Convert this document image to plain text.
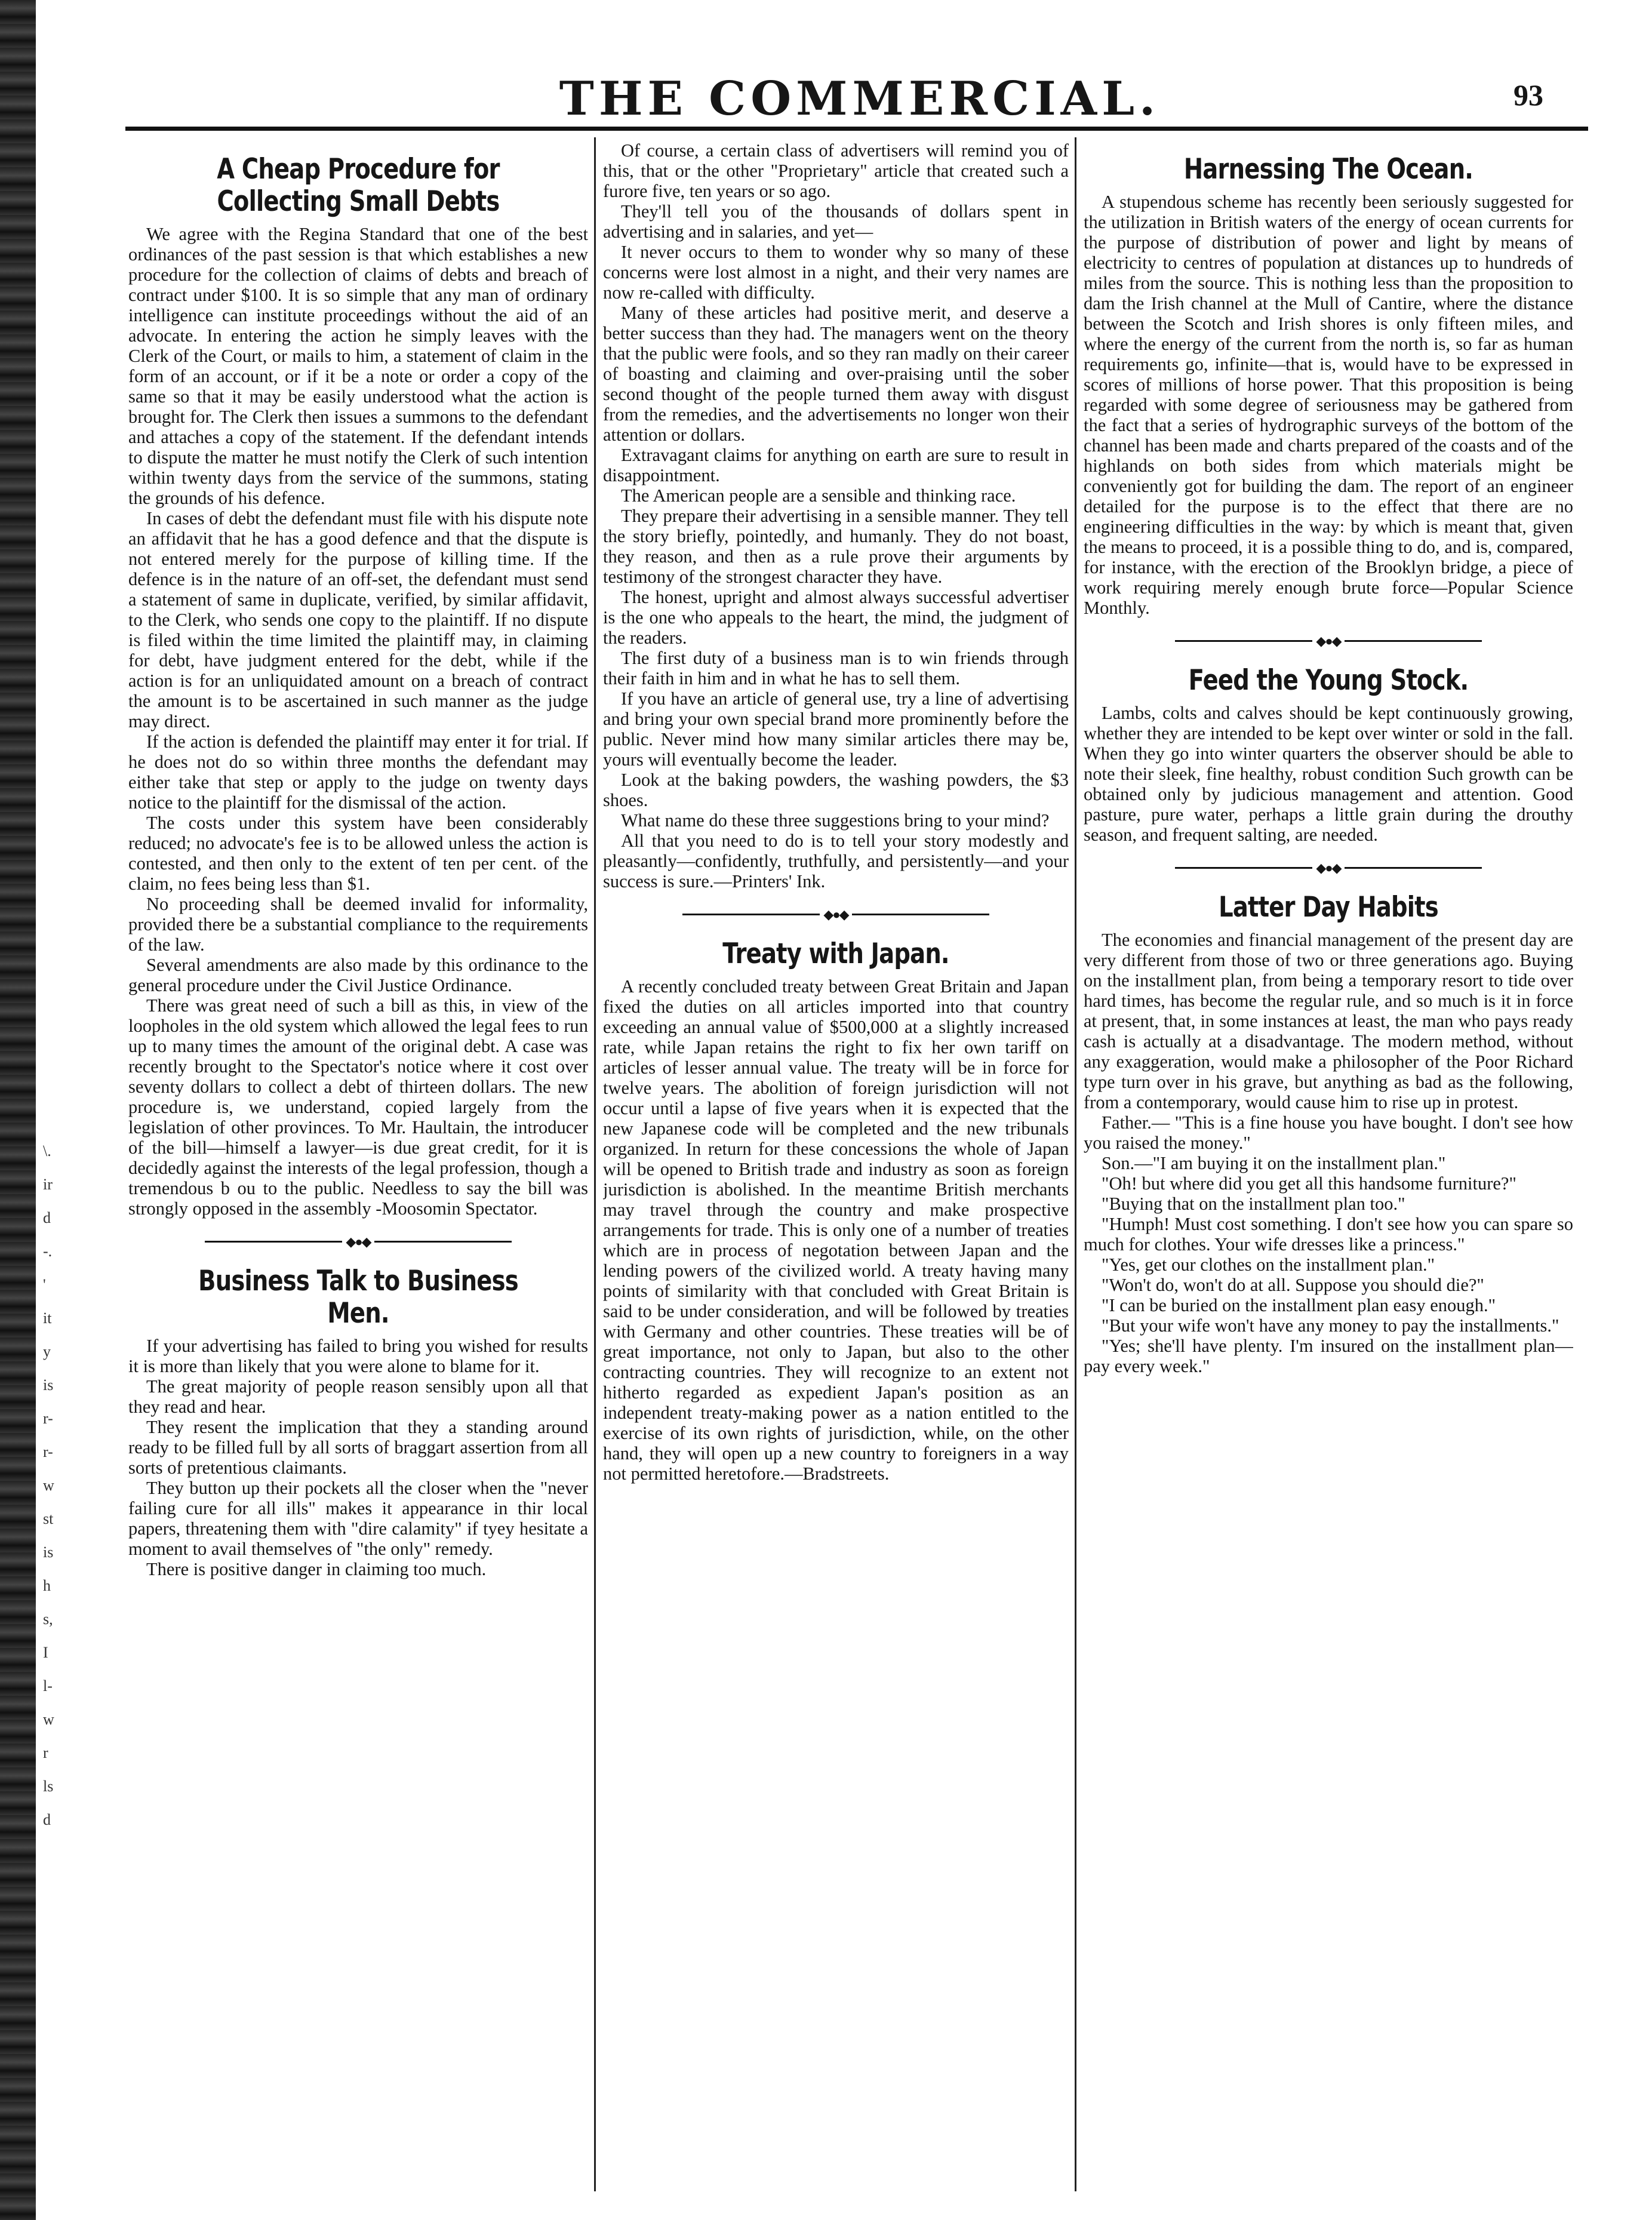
\.
ir
d
-.
'
it
y
is
r-
r-
w
st
is
h
s,
I
l-
w
r
ls
d
THE COMMERCIAL.	93
A Cheap Procedure for Collecting Small Debts

We agree with the Regina Standard that one of the best ordinances of the past session is that which establishes a new procedure for the collection of claims of debts and breach of contract under $100. It is so simple that any man of ordinary intelligence can institute proceedings without the aid of an advocate. In entering the action he simply leaves with the Clerk of the Court, or mails to him, a statement of claim in the form of an account, or if it be a note or order a copy of the same so that it may be easily understood what the action is brought for. The Clerk then issues a summons to the defendant and attaches a copy of the statement. If the defendant intends to dispute the matter he must notify the Clerk of such intention within twenty days from the service of the summons, stating the grounds of his defence.

In cases of debt the defendant must file with his dispute note an affidavit that he has a good defence and that the dispute is not entered merely for the purpose of killing time. If the defence is in the nature of an off-set, the defendant must send a statement of same in duplicate, verified, by similar affidavit, to the Clerk, who sends one copy to the plaintiff. If no dispute is filed within the time limited the plaintiff may, in claiming for debt, have judgment entered for the debt, while if the action is for an unliquidated amount on a breach of contract the amount is to be ascertained in such manner as the judge may direct.

If the action is defended the plaintiff may enter it for trial. If he does not do so within three months the defendant may either take that step or apply to the judge on twenty days notice to the plaintiff for the dismissal of the action.

The costs under this system have been considerably reduced; no advocate's fee is to be allowed unless the action is contested, and then only to the extent of ten per cent. of the claim, no fees being less than $1.

No proceeding shall be deemed invalid for informality, provided there be a substantial compliance to the requirements of the law.

Several amendments are also made by this ordinance to the general procedure under the Civil Justice Ordinance.

There was great need of such a bill as this, in view of the loopholes in the old system which allowed the legal fees to run up to many times the amount of the original debt. A case was recently brought to the Spectator's notice where it cost over seventy dollars to collect a debt of thirteen dollars. The new procedure is, we understand, copied largely from the legislation of other provinces. To Mr. Haultain, the introducer of the bill—himself a lawyer—is due great credit, for it is decidedly against the interests of the legal profession, though a tremendous b ou to the public. Needless to say the bill was strongly opposed in the assembly -Moosomin Spectator.

◆●◆
Business Talk to Business Men.

If your advertising has failed to bring you wished for results it is more than likely that you were alone to blame for it.

The great majority of people reason sensibly upon all that they read and hear.

They resent the implication that they a standing around ready to be filled full by all sorts of braggart assertion from all sorts of pretentious claimants.

They button up their pockets all the closer when the "never failing cure for all ills" makes it appearance in thir local papers, threatening them with "dire calamity" if tyey hesitate a moment to avail themselves of "the only" remedy.

There is positive danger in claiming too much.

Of course, a certain class of advertisers will remind you of this, that or the other "Proprietary" article that created such a furore five, ten years or so ago.

They'll tell you of the thousands of dollars spent in advertising and in salaries, and yet—

It never occurs to them to wonder why so many of these concerns were lost almost in a night, and their very names are now re-called with difficulty.

Many of these articles had positive merit, and deserve a better success than they had. The managers went on the theory that the public were fools, and so they ran madly on their career of boasting and claiming and over-praising until the sober second thought of the people turned them away with disgust from the remedies, and the advertisements no longer won their attention or dollars.

Extravagant claims for anything on earth are sure to result in disappointment.

The American people are a sensible and thinking race.

They prepare their advertising in a sensible manner. They tell the story briefly, pointedly, and humanly. They do not boast, they reason, and then as a rule prove their arguments by testimony of the strongest character they have.

The honest, upright and almost always successful advertiser is the one who appeals to the heart, the mind, the judgment of the readers.

The first duty of a business man is to win friends through their faith in him and in what he has to sell them.

If you have an article of general use, try a line of advertising and bring your own special brand more prominently before the public. Never mind how many similar articles there may be, yours will eventually become the leader.

Look at the baking powders, the washing powders, the $3 shoes.

What name do these three suggestions bring to your mind?

All that you need to do is to tell your story modestly and pleasantly—confidently, truthfully, and persistently—and your success is sure.—Printers' Ink.

◆●◆
Treaty with Japan.

A recently concluded treaty between Great Britain and Japan fixed the duties on all articles imported into that country exceeding an annual value of $500,000 at a slightly increased rate, while Japan retains the right to fix her own tariff on articles of lesser annual value. The treaty will be in force for twelve years. The abolition of foreign jurisdiction will not occur until a lapse of five years when it is expected that the new Japanese code will be completed and the new tribunals organized. In return for these concessions the whole of Japan will be opened to British trade and industry as soon as foreign jurisdiction is abolished. In the meantime British merchants may travel through the country and make prospective arrangements for trade. This is only one of a number of treaties which are in process of negotation between Japan and the lending powers of the civilized world. A treaty having many points of similarity with that concluded with Great Britain is said to be under consideration, and will be followed by treaties with Germany and other countries. These treaties will be of great importance, not only to Japan, but also to the other contracting countries. They will recognize to an extent not hitherto regarded as expedient Japan's position as an independent treaty-making power as a nation entitled to the exercise of its own rights of jurisdiction, while, on the other hand, they will open up a new country to foreigners in a way not permitted heretofore.—Bradstreets.

Harnessing The Ocean.

A stupendous scheme has recently been seriously suggested for the utilization in British waters of the energy of ocean currents for the purpose of distribution of power and light by means of electricity to centres of population at distances up to hundreds of miles from the source. This is nothing less than the proposition to dam the Irish channel at the Mull of Cantire, where the distance between the Scotch and Irish shores is only fifteen miles, and where the energy of the current from the north is, so far as human requirements go, infinite—that is, would have to be expressed in scores of millions of horse power. That this proposition is being regarded with some degree of seriousness may be gathered from the fact that a series of hydrographic surveys of the bottom of the channel has been made and charts prepared of the coasts and of the highlands on both sides from which materials might be conveniently got for building the dam. The report of an engineer detailed for the purpose is to the effect that there are no engineering difficulties in the way: by which is meant that, given the means to proceed, it is a possible thing to do, and is, compared, for instance, with the erection of the Brooklyn bridge, a piece of work requiring merely enough brute force—Popular Science Monthly.

◆●◆
Feed the Young Stock.

Lambs, colts and calves should be kept continuously growing, whether they are intended to be kept over winter or sold in the fall. When they go into winter quarters the observer should be able to note their sleek, fine healthy, robust condition Such growth can be obtained only by judicious management and attention. Good pasture, pure water, perhaps a little grain during the drouthy season, and frequent salting, are needed.

◆●◆
Latter Day Habits

The economies and financial management of the present day are very different from those of two or three generations ago. Buying on the installment plan, from being a temporary resort to tide over hard times, has become the regular rule, and so much is it in force at present, that, in some instances at least, the man who pays ready cash is actually at a disadvantage. The modern method, without any exaggeration, would make a philosopher of the Poor Richard type turn over in his grave, but anything as bad as the following, from a contemporary, would cause him to rise up in protest.

Father.— "This is a fine house you have bought. I don't see how you raised the money."

Son.—"I am buying it on the installment plan."

"Oh! but where did you get all this handsome furniture?"

"Buying that on the installment plan too."

"Humph! Must cost something. I don't see how you can spare so much for clothes. Your wife dresses like a princess."

"Yes, get our clothes on the installment plan."

"Won't do, won't do at all. Suppose you should die?"

"I can be buried on the installment plan easy enough."

"But your wife won't have any money to pay the installments."

"Yes; she'll have plenty. I'm insured on the installment plan—pay every week."
